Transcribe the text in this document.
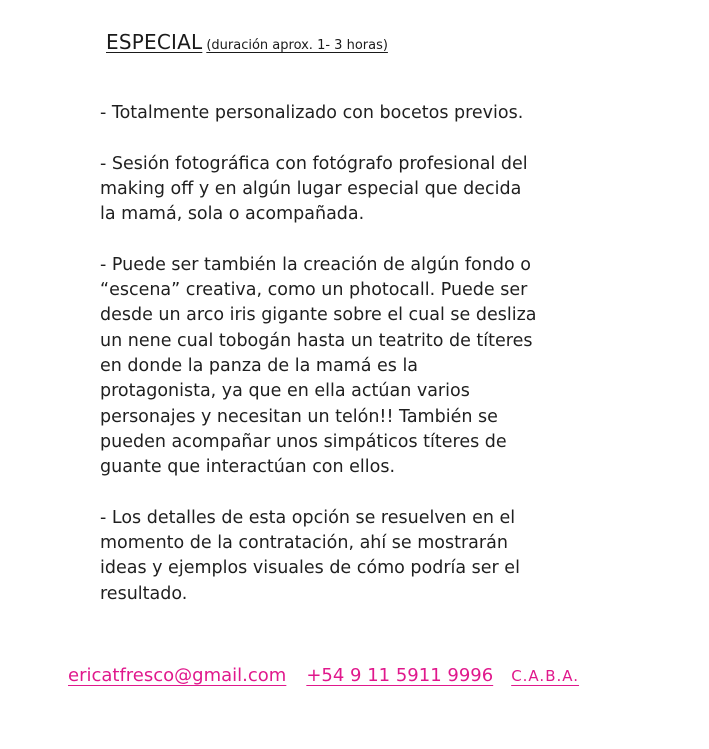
ESPECIAL (duración aprox. 1- 3 horas)

- Totalmente personalizado con bocetos previos.

- Sesión fotográfica con fotógrafo profesional del
making off y en algún lugar especial que decida
la mamá, sola o acompañada.

- Puede ser también la creación de algún fondo o
“escena” creativa, como un photocall. Puede ser
desde un arco iris gigante sobre el cual se desliza
un nene cual tobogán hasta un teatrito de títeres
en donde la panza de la mamá es la
protagonista, ya que en ella actúan varios
personajes y necesitan un telón!! También se
pueden acompañar unos simpáticos títeres de
guante que interactúan con ellos.

- Los detalles de esta opción se resuelven en el
momento de la contratación, ahí se mostrarán
ideas y ejemplos visuales de cómo podría ser el
resultado.

ericatfresco@gmail.com +54 9 11 5911 9996 C.A.B.A.
